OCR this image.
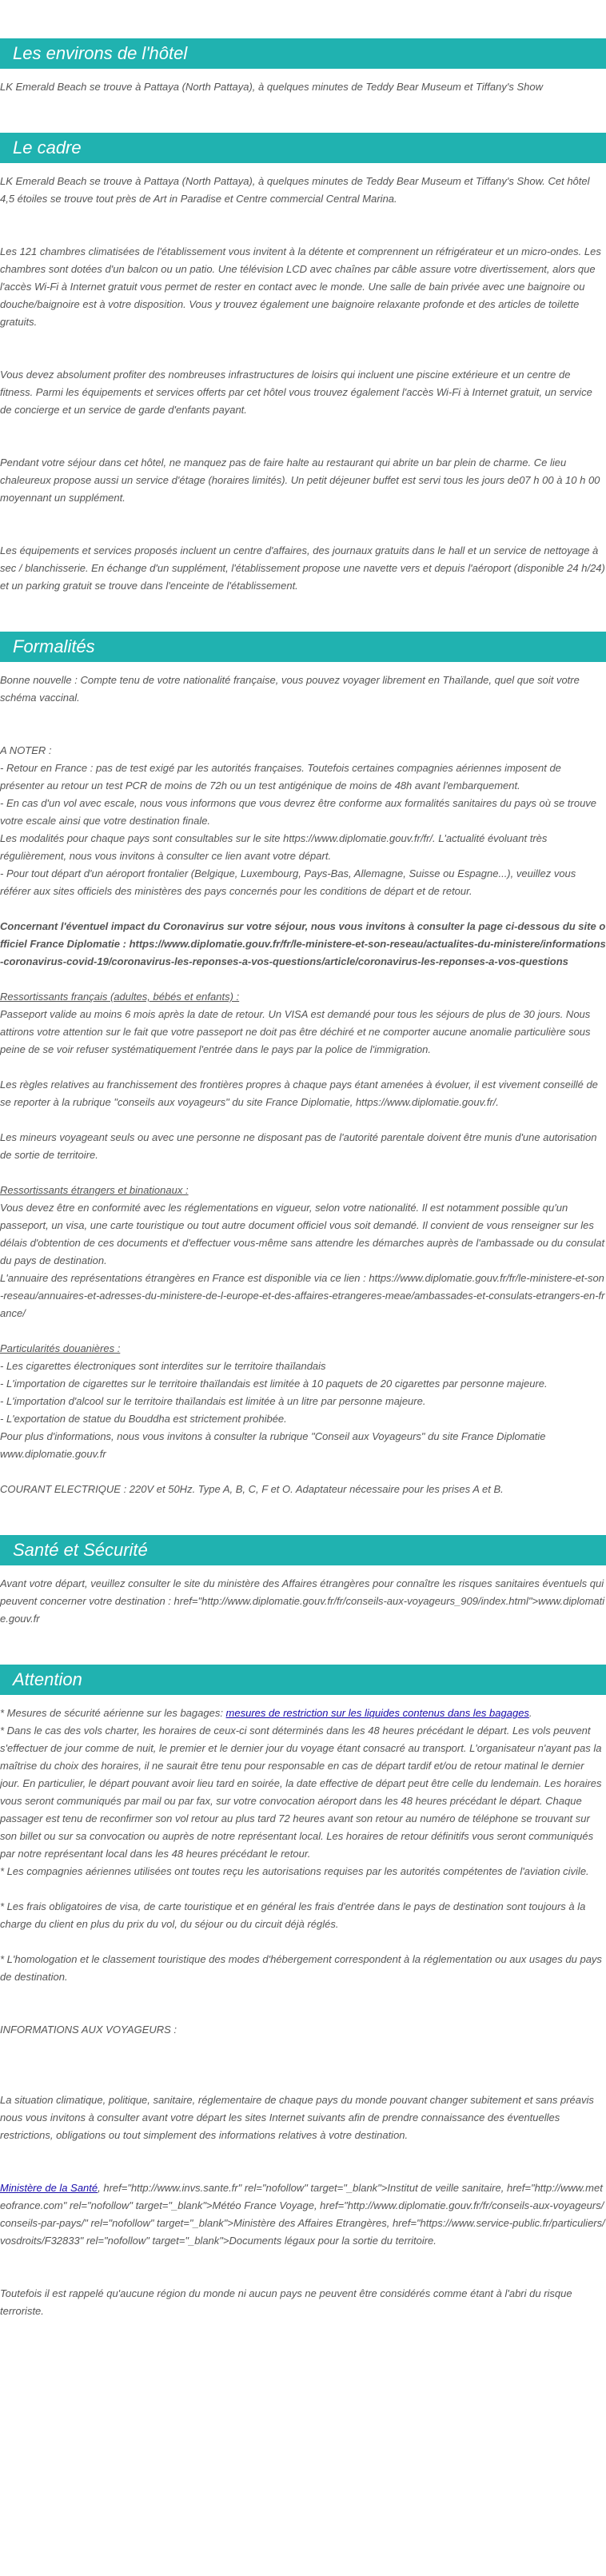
Les environs de l'hôtel

LK Emerald Beach se trouve à Pattaya (North Pattaya), à quelques minutes de Teddy Bear Museum et Tiffany's Show

Le cadre

LK Emerald Beach se trouve à Pattaya (North Pattaya), à quelques minutes de Teddy Bear Museum et Tiffany's Show. Cet hôtel 4,5 étoiles se trouve tout près de Art in Paradise et Centre commercial Central Marina.

Les 121 chambres climatisées de l'établissement vous invitent à la détente et comprennent un réfrigérateur et un micro-ondes. Les chambres sont dotées d'un balcon ou un patio. Une télévision LCD avec chaînes par câble assure votre divertissement, alors que l'accès Wi-Fi à Internet gratuit vous permet de rester en contact avec le monde. Une salle de bain privée avec une baignoire ou douche/baignoire est à votre disposition. Vous y trouvez également une baignoire relaxante profonde et des articles de toilette gratuits.

Vous devez absolument profiter des nombreuses infrastructures de loisirs qui incluent une piscine extérieure et un centre de fitness. Parmi les équipements et services offerts par cet hôtel vous trouvez également l'accès Wi-Fi à Internet gratuit, un service de concierge et un service de garde d'enfants payant.

Pendant votre séjour dans cet hôtel, ne manquez pas de faire halte au restaurant qui abrite un bar plein de charme. Ce lieu chaleureux propose aussi un service d'étage (horaires limités). Un petit déjeuner buffet est servi tous les jours de07 h 00 à 10 h 00 moyennant un supplément.

Les équipements et services proposés incluent un centre d'affaires, des journaux gratuits dans le hall et un service de nettoyage à sec / blanchisserie. En échange d'un supplément, l'établissement propose une navette vers et depuis l'aéroport (disponible 24 h/24) et un parking gratuit se trouve dans l'enceinte de l'établissement.

Formalités

Bonne nouvelle : Compte tenu de votre nationalité française, vous pouvez voyager librement en Thaïlande, quel que soit votre schéma vaccinal.

A NOTER :

- Retour en France : pas de test exigé par les autorités françaises. Toutefois certaines compagnies aériennes imposent de présenter au retour un test PCR de moins de 72h ou un test antigénique de moins de 48h avant l'embarquement.

- En cas d'un vol avec escale, nous vous informons que vous devrez être conforme aux formalités sanitaires du pays où se trouve votre escale ainsi que votre destination finale.

Les modalités pour chaque pays sont consultables sur le site https://www.diplomatie.gouv.fr/fr/. L'actualité évoluant très régulièrement, nous vous invitons à consulter ce lien avant votre départ.

- Pour tout départ d'un aéroport frontalier (Belgique, Luxembourg, Pays-Bas, Allemagne, Suisse ou Espagne...), veuillez vous référer aux sites officiels des ministères des pays concernés pour les conditions de départ et de retour.

Concernant l'éventuel impact du Coronavirus sur votre séjour, nous vous invitons à consulter la page ci-dessous du site officiel France Diplomatie : https://www.diplomatie.gouv.fr/fr/le-ministere-et-son-reseau/actualites-du-ministere/informations-coronavirus-covid-19/coronavirus-les-reponses-a-vos-questions/article/coronavirus-les-reponses-a-vos-questions

Ressortissants français (adultes, bébés et enfants) :

Passeport valide au moins 6 mois après la date de retour. Un VISA est demandé pour tous les séjours de plus de 30 jours. Nous attirons votre attention sur le fait que votre passeport ne doit pas être déchiré et ne comporter aucune anomalie particulière sous peine de se voir refuser systématiquement l'entrée dans le pays par la police de l'immigration.

Les règles relatives au franchissement des frontières propres à chaque pays étant amenées à évoluer, il est vivement conseillé de se reporter à la rubrique "conseils aux voyageurs" du site France Diplomatie, https://www.diplomatie.gouv.fr/.

Les mineurs voyageant seuls ou avec une personne ne disposant pas de l'autorité parentale doivent être munis d'une autorisation de sortie de territoire.

Ressortissants étrangers et binationaux :

Vous devez être en conformité avec les réglementations en vigueur, selon votre nationalité. Il est notamment possible qu'un passeport, un visa, une carte touristique ou tout autre document officiel vous soit demandé. Il convient de vous renseigner sur les délais d'obtention de ces documents et d'effectuer vous-même sans attendre les démarches auprès de l'ambassade ou du consulat du pays de destination.

L'annuaire des représentations étrangères en France est disponible via ce lien : https://www.diplomatie.gouv.fr/fr/le-ministere-et-son-reseau/annuaires-et-adresses-du-ministere-de-l-europe-et-des-affaires-etrangeres-meae/ambassades-et-consulats-etrangers-en-france/

Particularités douanières :

- Les cigarettes électroniques sont interdites sur le territoire thaïlandais

- L'importation de cigarettes sur le territoire thaïlandais est limitée à 10 paquets de 20 cigarettes par personne majeure.

- L'importation d'alcool sur le territoire thaïlandais est limitée à un litre par personne majeure.

- L'exportation de statue du Bouddha est strictement prohibée.

Pour plus d'informations, nous vous invitons à consulter la rubrique "Conseil aux Voyageurs" du site France Diplomatie www.diplomatie.gouv.fr

COURANT ELECTRIQUE : 220V et 50Hz. Type A, B, C, F et O. Adaptateur nécessaire pour les prises A et B.

Santé et Sécurité

Avant votre départ, veuillez consulter le site du ministère des Affaires étrangères pour connaître les risques sanitaires éventuels qui peuvent concerner votre destination : href="http://www.diplomatie.gouv.fr/fr/conseils-aux-voyageurs_909/index.html">www.diplomatie.gouv.fr

Attention

* Mesures de sécurité aérienne sur les bagages: mesures de restriction sur les liquides contenus dans les bagages.

* Dans le cas des vols charter, les horaires de ceux-ci sont déterminés dans les 48 heures précédant le départ. Les vols peuvent s'effectuer de jour comme de nuit, le premier et le dernier jour du voyage étant consacré au transport. L'organisateur n'ayant pas la maîtrise du choix des horaires, il ne saurait être tenu pour responsable en cas de départ tardif et/ou de retour matinal le dernier jour. En particulier, le départ pouvant avoir lieu tard en soirée, la date effective de départ peut être celle du lendemain. Les horaires vous seront communiqués par mail ou par fax, sur votre convocation aéroport dans les 48 heures précédant le départ. Chaque passager est tenu de reconfirmer son vol retour au plus tard 72 heures avant son retour au numéro de téléphone se trouvant sur son billet ou sur sa convocation ou auprès de notre représentant local. Les horaires de retour définitifs vous seront communiqués par notre représentant local dans les 48 heures précédant le retour.

* Les compagnies aériennes utilisées ont toutes reçu les autorisations requises par les autorités compétentes de l'aviation civile.

* Les frais obligatoires de visa, de carte touristique et en général les frais d'entrée dans le pays de destination sont toujours à la charge du client en plus du prix du vol, du séjour ou du circuit déjà réglés.

* L'homologation et le classement touristique des modes d'hébergement correspondent à la réglementation ou aux usages du pays de destination.

INFORMATIONS AUX VOYAGEURS :

La situation climatique, politique, sanitaire, réglementaire de chaque pays du monde pouvant changer subitement et sans préavis

nous vous invitons à consulter avant votre départ les sites Internet suivants afin de prendre connaissance des éventuelles restrictions, obligations ou tout simplement des informations relatives à votre destination.

Ministère de la Santé, href="http://www.invs.sante.fr" rel="nofollow" target="_blank">Institut de veille sanitaire, href="http://www.meteofrance.com" rel="nofollow" target="_blank">Météo France Voyage, href="http://www.diplomatie.gouv.fr/fr/conseils-aux-voyageurs/conseils-par-pays/" rel="nofollow" target="_blank">Ministère des Affaires Etrangères, href="https://www.service-public.fr/particuliers/vosdroits/F32833" rel="nofollow" target="_blank">Documents légaux pour la sortie du territoire.

Toutefois il est rappelé qu'aucune région du monde ni aucun pays ne peuvent être considérés comme étant à l'abri du risque terroriste.
